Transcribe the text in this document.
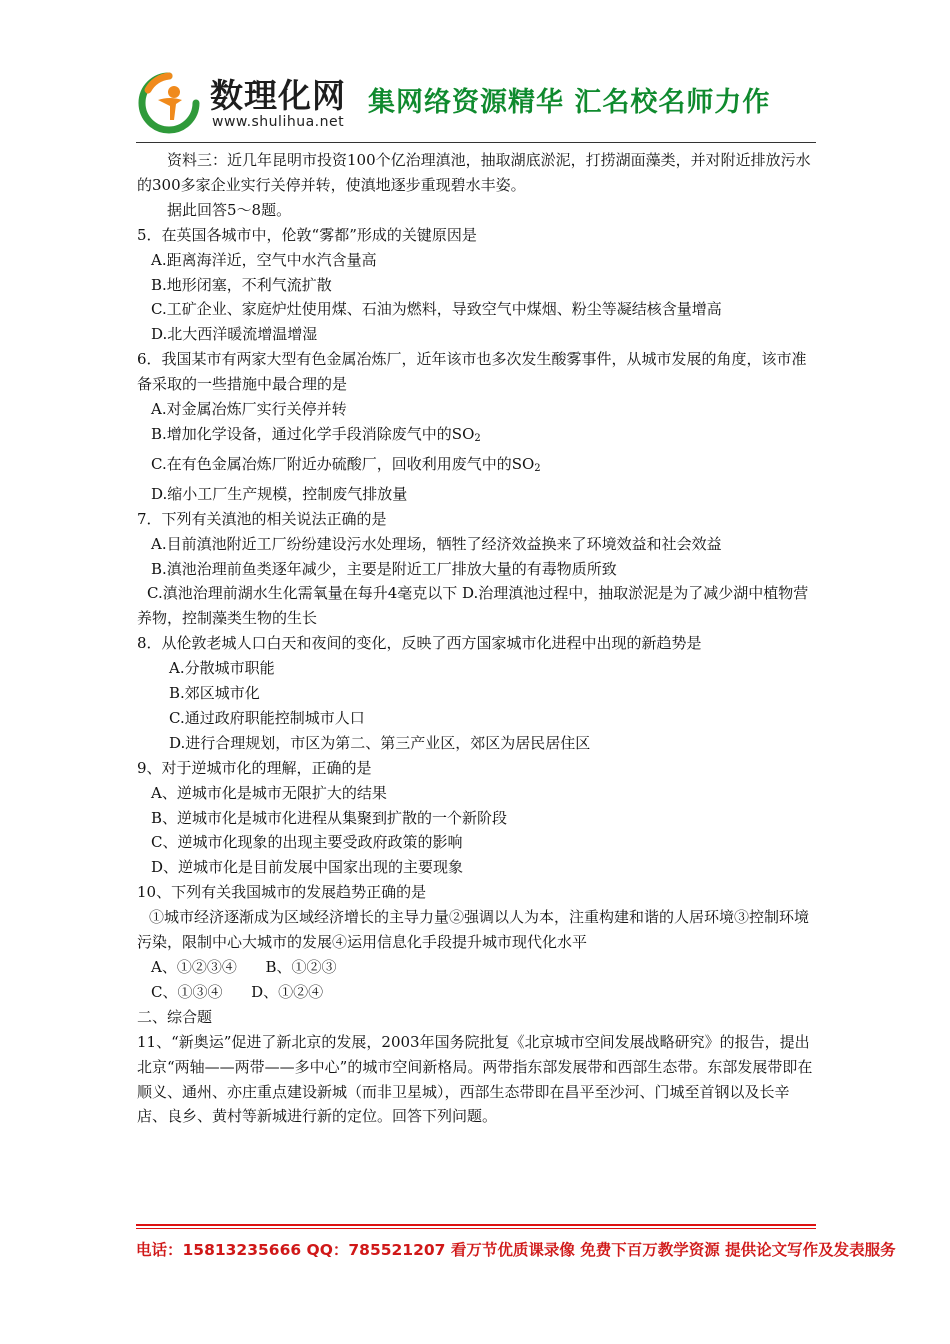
数理化网
www.shulihua.net
集网络资源精华 汇名校名师力作

资料三：近几年昆明市投资100个亿治理滇池，抽取湖底淤泥，打捞湖面藻类，并对附近排放污水的300多家企业实行关停并转，使滇地逐步重现碧水丰姿。

据此回答5～8题。

5．在英国各城市中，伦敦“雾都”形成的关键原因是

A.距离海洋近，空气中水汽含量高

B.地形闭塞，不利气流扩散

C.工矿企业、家庭炉灶使用煤、石油为燃料，导致空气中煤烟、粉尘等凝结核含量增高

D.北大西洋暖流增温增湿

6．我国某市有两家大型有色金属冶炼厂，近年该市也多次发生酸雾事件，从城市发展的角度，该市准备采取的一些措施中最合理的是

A.对金属冶炼厂实行关停并转

B.增加化学设备，通过化学手段消除废气中的$SO_2$

C.在有色金属冶炼厂附近办硫酸厂，回收利用废气中的$SO_2$

D.缩小工厂生产规模，控制废气排放量

7．下列有关滇池的相关说法正确的是

A.目前滇池附近工厂纷纷建设污水处理场，牺牲了经济效益换来了环境效益和社会效益

B.滇池治理前鱼类逐年减少，主要是附近工厂排放大量的有毒物质所致

C.滇池治理前湖水生化需氧量在每升4毫克以下 D.治理滇池过程中，抽取淤泥是为了减少湖中植物营养物，控制藻类生物的生长

8．从伦敦老城人口白天和夜间的变化，反映了西方国家城市化进程中出现的新趋势是

A.分散城市职能

B.郊区城市化

C.通过政府职能控制城市人口

D.进行合理规划，市区为第二、第三产业区，郊区为居民居住区

9、对于逆城市化的理解，正确的是

A、逆城市化是城市无限扩大的结果

B、逆城市化是城市化进程从集聚到扩散的一个新阶段

C、逆城市化现象的出现主要受政府政策的影响

D、逆城市化是目前发展中国家出现的主要现象

10、下列有关我国城市的发展趋势正确的是

①城市经济逐渐成为区域经济增长的主导力量②强调以人为本，注重构建和谐的人居环境③控制环境污染，限制中心大城市的发展④运用信息化手段提升城市现代化水平

A、①②③④      B、①②③

C、①③④      D、①②④

二、综合题

11、“新奥运”促进了新北京的发展，2003年国务院批复《北京城市空间发展战略研究》的报告，提出北京“两轴——两带——多中心”的城市空间新格局。两带指东部发展带和西部生态带。东部发展带即在顺义、通州、亦庄重点建设新城（而非卫星城），西部生态带即在昌平至沙河、门城至首钢以及长辛店、良乡、黄村等新城进行新的定位。回答下列问题。

电话：15813235666 QQ：785521207 看万节优质课录像 免费下百万教学资源 提供论文写作及发表服务
